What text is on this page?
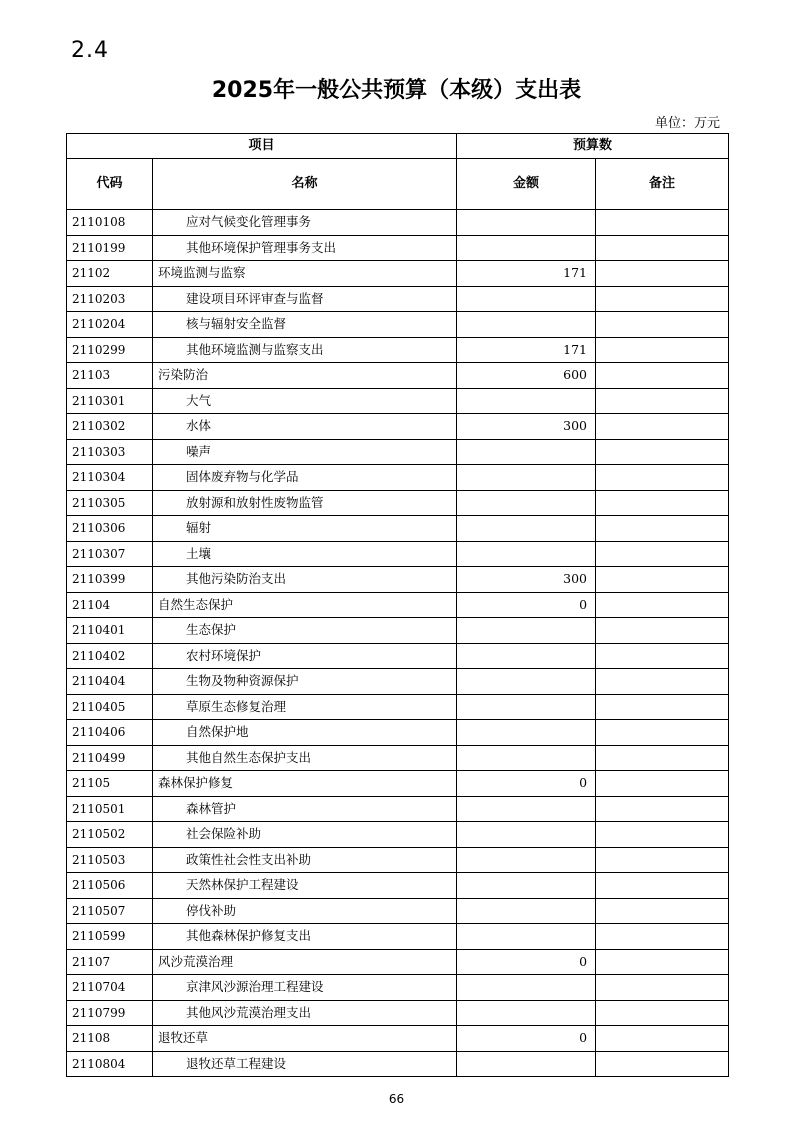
2.4
2025年一般公共预算（本级）支出表
单位：万元
项目		预算数	
代码	名称	金额	备注
2110108	应对气候变化管理事务		
2110199	其他环境保护管理事务支出		
21102	环境监测与监察	171	
2110203	建设项目环评审查与监督		
2110204	核与辐射安全监督		
2110299	其他环境监测与监察支出	171	
21103	污染防治	600	
2110301	大气		
2110302	水体	300	
2110303	噪声		
2110304	固体废弃物与化学品		
2110305	放射源和放射性废物监管		
2110306	辐射		
2110307	土壤		
2110399	其他污染防治支出	300	
21104	自然生态保护	0	
2110401	生态保护		
2110402	农村环境保护		
2110404	生物及物种资源保护		
2110405	草原生态修复治理		
2110406	自然保护地		
2110499	其他自然生态保护支出		
21105	森林保护修复	0	
2110501	森林管护		
2110502	社会保险补助		
2110503	政策性社会性支出补助		
2110506	天然林保护工程建设		
2110507	停伐补助		
2110599	其他森林保护修复支出		
21107	风沙荒漠治理	0	
2110704	京津风沙源治理工程建设		
2110799	其他风沙荒漠治理支出		
21108	退牧还草	0	
2110804	退牧还草工程建设		
66
